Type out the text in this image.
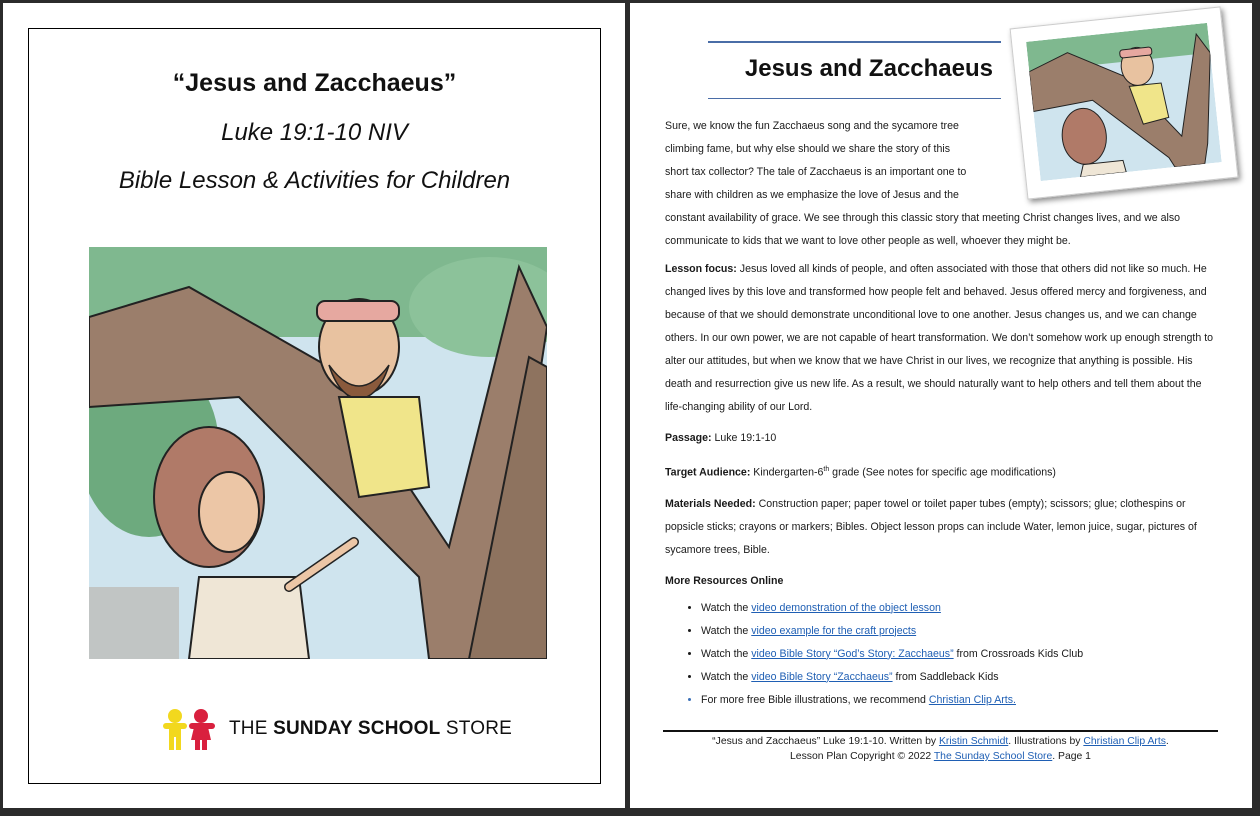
“Jesus and Zacchaeus”
Luke 19:1-10 NIV
Bible Lesson & Activities for Children
THE SUNDAY SCHOOL STORE
Jesus and Zacchaeus
Sure, we know the fun Zacchaeus song and the sycamore tree
climbing fame, but why else should we share the story of this
short tax collector? The tale of Zacchaeus is an important one to
share with children as we emphasize the love of Jesus and the
constant availability of grace. We see through this classic story that meeting Christ changes lives, and we also communicate to kids that we want to love other people as well, whoever they might be.

Lesson focus: Jesus loved all kinds of people, and often associated with those that others did not like so much. He changed lives by this love and transformed how people felt and behaved. Jesus offered mercy and forgiveness, and because of that we should demonstrate unconditional love to one another. Jesus changes us, and we can change others. In our own power, we are not capable of heart transformation. We don’t somehow work up enough strength to alter our attitudes, but when we know that we have Christ in our lives, we recognize that anything is possible. His death and resurrection give us new life. As a result, we should naturally want to help others and tell them about the life-changing ability of our Lord.

Passage: Luke 19:1-10

Target Audience: Kindergarten-6th grade (See notes for specific age modifications)

Materials Needed: Construction paper; paper towel or toilet paper tubes (empty); scissors; glue; clothespins or popsicle sticks; crayons or markers; Bibles. Object lesson props can include Water, lemon juice, sugar, pictures of sycamore trees, Bible.

More Resources Online
• Watch the video demonstration of the object lesson
• Watch the video example for the craft projects
• Watch the video Bible Story “God’s Story: Zacchaeus” from Crossroads Kids Club
• Watch the video Bible Story “Zacchaeus” from Saddleback Kids
• For more free Bible illustrations, we recommend Christian Clip Arts.
“Jesus and Zacchaeus” Luke 19:1-10. Written by Kristin Schmidt. Illustrations by Christian Clip Arts.
Lesson Plan Copyright © 2022 The Sunday School Store. Page 1
